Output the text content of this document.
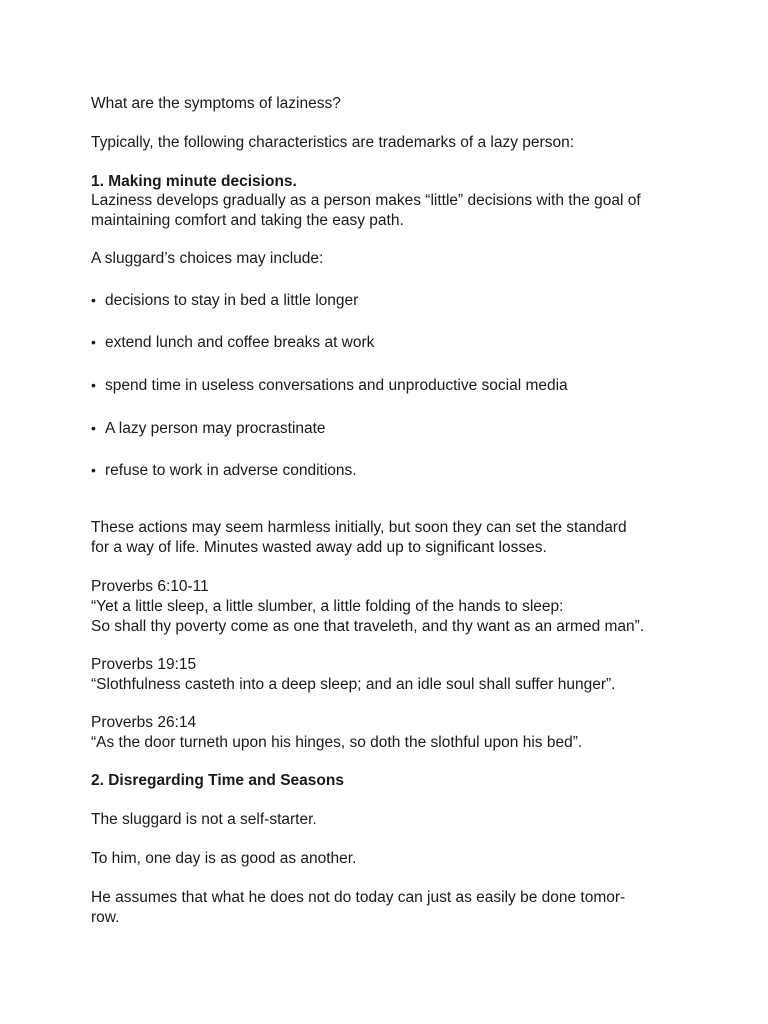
What are the symptoms of laziness?

Typically, the following characteristics are trademarks of a lazy person:

1. Making minute decisions.

Laziness develops gradually as a person makes “little” decisions with the goal of
maintaining comfort and taking the easy path.

A sluggard’s choices may include:

• decisions to stay in bed a little longer
• extend lunch and coffee breaks at work
• spend time in useless conversations and unproductive social media
• A lazy person may procrastinate
• refuse to work in adverse conditions.

These actions may seem harmless initially, but soon they can set the standard
for a way of life. Minutes wasted away add up to significant losses.

Proverbs 6:10-11
“Yet a little sleep, a little slumber, a little folding of the hands to sleep:
So shall thy poverty come as one that traveleth, and thy want as an armed man”.

Proverbs 19:15
“Slothfulness casteth into a deep sleep; and an idle soul shall suffer hunger”.

Proverbs 26:14
“As the door turneth upon his hinges, so doth the slothful upon his bed”.

2. Disregarding Time and Seasons

The sluggard is not a self-starter.

To him, one day is as good as another.

He assumes that what he does not do today can just as easily be done tomor-
row.
